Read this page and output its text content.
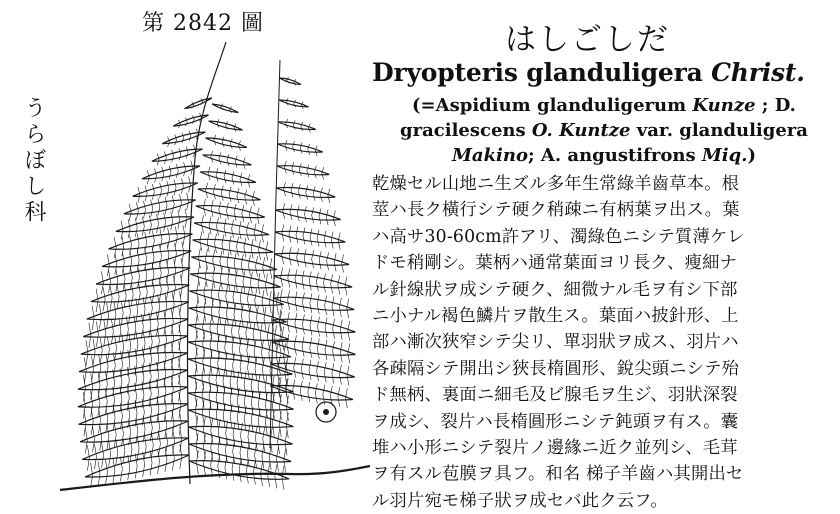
第 2842 圖
うらぼし科
はしごしだ
Dryopteris glanduligera Christ.
(=Aspidium glanduligerum Kunze ; D.
gracilescens O. Kuntze var. glanduligera
Makino; A. angustifrons Miq.)
乾燥セル山地ニ生ズル多年生常綠羊齒草本。根
莖ハ長ク橫行シテ硬ク稍疎ニ有柄葉ヲ出ス。葉
ハ高サ30-60cm許アリ、濁綠色ニシテ質薄ケレ
ドモ稍剛シ。葉柄ハ通常葉面ヨリ長ク、瘦細ナ
ル針線狀ヲ成シテ硬ク、細微ナル毛ヲ有シ下部
ニ小ナル褐色鱗片ヲ散生ス。葉面ハ披針形、上
部ハ漸次狹窄シテ尖リ、單羽狀ヲ成ス、羽片ハ
各疎隔シテ開出シ狹長楕圓形、銳尖頭ニシテ殆
ド無柄、裏面ニ細毛及ビ腺毛ヲ生ジ、羽狀深裂
ヲ成シ、裂片ハ長楕圓形ニシテ鈍頭ヲ有ス。囊
堆ハ小形ニシテ裂片ノ邊緣ニ近ク並列シ、毛茸
ヲ有スル苞膜ヲ具フ。和名 梯子羊齒ハ其開出セ
ル羽片宛モ梯子狀ヲ成セバ此ク云フ。
